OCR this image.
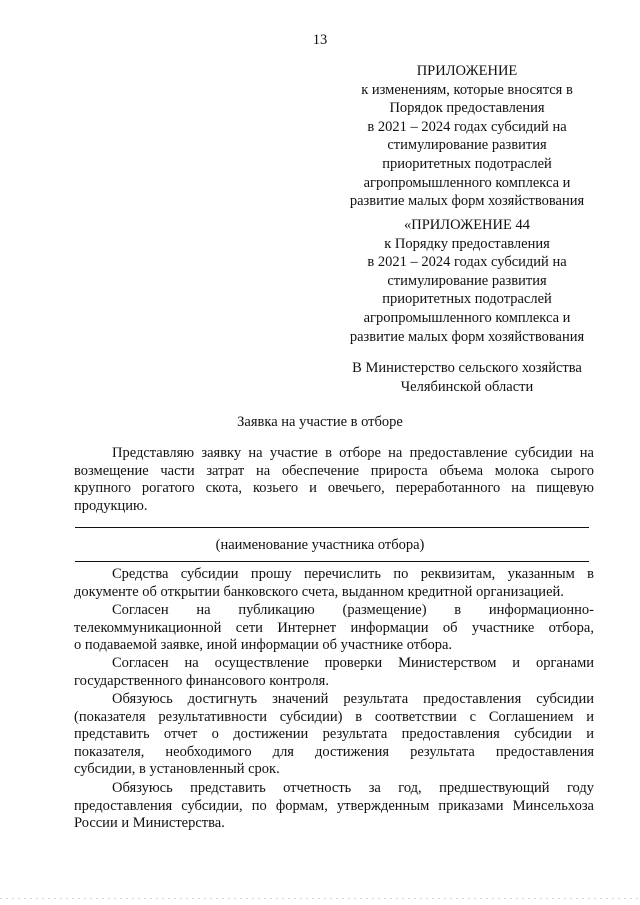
13
ПРИЛОЖЕНИЕ
к изменениям, которые вносятся в
Порядок предоставления
в 2021 – 2024 годах субсидий на
стимулирование развития
приоритетных подотраслей
агропромышленного комплекса и
развитие малых форм хозяйствования
«ПРИЛОЖЕНИЕ 44
к Порядку предоставления
в 2021 – 2024 годах субсидий на
стимулирование развития
приоритетных подотраслей
агропромышленного комплекса и
развитие малых форм хозяйствования
В Министерство сельского хозяйства
Челябинской области
Заявка на участие в отборе
Представляю заявку на участие в отборе на предоставление субсидии на
возмещение части затрат на обеспечение прироста объема молока сырого
крупного рогатого скота, козьего и овечьего, переработанного на пищевую
продукцию.
(наименование участника отбора)
Средства субсидии прошу перечислить по реквизитам, указанным в
документе об открытии банковского счета, выданном кредитной организацией.
Согласен на публикацию (размещение) в информационно-
телекоммуникационной сети Интернет информации об участнике отбора,
о подаваемой заявке, иной информации об участнике отбора.
Согласен на осуществление проверки Министерством и органами
государственного финансового контроля.
Обязуюсь достигнуть значений результата предоставления субсидии
(показателя результативности субсидии) в соответствии с Соглашением и
представить отчет о достижении результата предоставления субсидии и
показателя, необходимого для достижения результата предоставления
субсидии, в установленный срок.
Обязуюсь представить отчетность за год, предшествующий году
предоставления субсидии, по формам, утвержденным приказами Минсельхоза
России и Министерства.
